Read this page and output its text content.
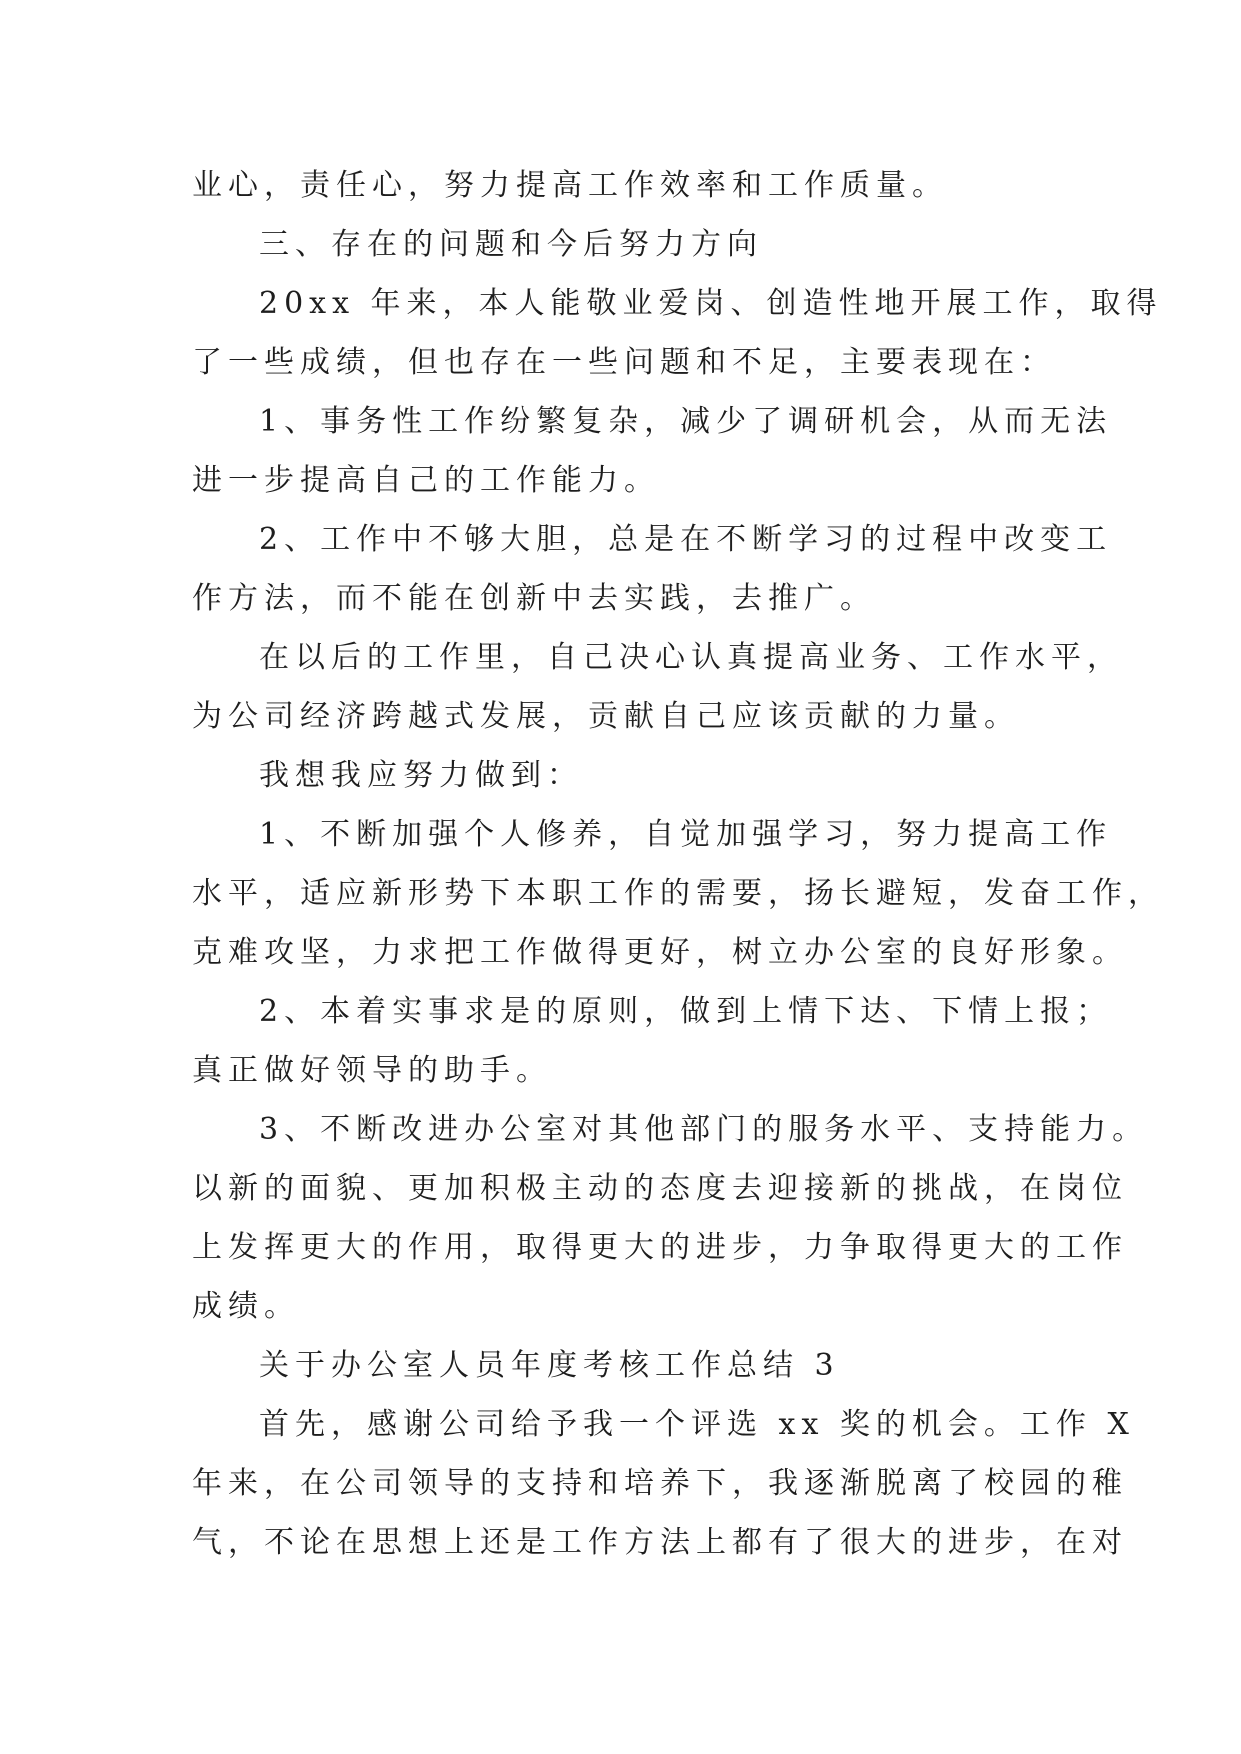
业心，责任心，努力提高工作效率和工作质量。
三、存在的问题和今后努力方向
20xx 年来，本人能敬业爱岗、创造性地开展工作，取得
了一些成绩，但也存在一些问题和不足，主要表现在：
1、事务性工作纷繁复杂，减少了调研机会，从而无法
进一步提高自己的工作能力。
2、工作中不够大胆，总是在不断学习的过程中改变工
作方法，而不能在创新中去实践，去推广。
在以后的工作里，自己决心认真提高业务、工作水平，
为公司经济跨越式发展，贡献自己应该贡献的力量。
我想我应努力做到：
1、不断加强个人修养，自觉加强学习，努力提高工作
水平，适应新形势下本职工作的需要，扬长避短，发奋工作，
克难攻坚，力求把工作做得更好，树立办公室的良好形象。
2、本着实事求是的原则，做到上情下达、下情上报；
真正做好领导的助手。
3、不断改进办公室对其他部门的服务水平、支持能力。
以新的面貌、更加积极主动的态度去迎接新的挑战，在岗位
上发挥更大的作用，取得更大的进步，力争取得更大的工作
成绩。
关于办公室人员年度考核工作总结 3
首先，感谢公司给予我一个评选 xx 奖的机会。工作 X
年来，在公司领导的支持和培养下，我逐渐脱离了校园的稚
气，不论在思想上还是工作方法上都有了很大的进步，在对
